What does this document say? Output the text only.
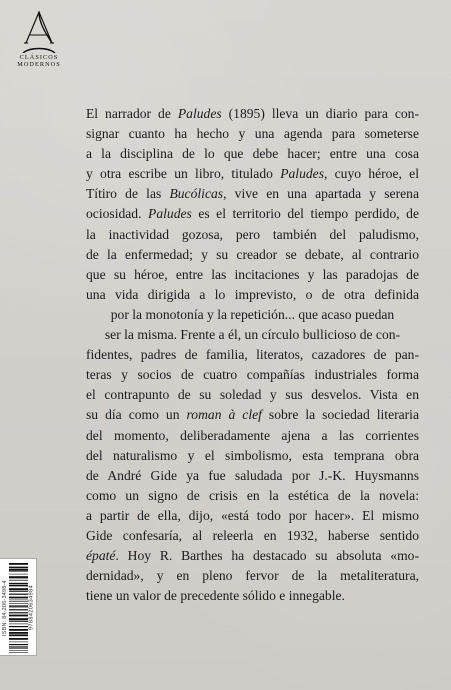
CLÁSICOS
MODERNOS
El narrador de Paludes (1895) lleva un diario para con-
signar cuanto ha hecho y una agenda para someterse
a la disciplina de lo que debe hacer; entre una cosa
y otra escribe un libro, titulado Paludes, cuyo héroe, el
Títiro de las Bucólicas, vive en una apartada y serena
ociosidad. Paludes es el territorio del tiempo perdido, de
la inactividad gozosa, pero también del paludismo,
de la enfermedad; y su creador se debate, al contrario
que su héroe, entre las incitaciones y las paradojas de
una vida dirigida a lo imprevisto, o de otra definida
por la monotonía y la repetición... que acaso puedan
ser la misma. Frente a él, un círculo bullicioso de con-
fidentes, padres de familia, literatos, cazadores de pan-
teras y socios de cuatro compañías industriales forma
el contrapunto de su soledad y sus desvelos. Vista en
su día como un roman à clef sobre la sociedad literaria
del momento, deliberadamente ajena a las corrientes
del naturalismo y el simbolismo, esta temprana obra
de André Gide ya fue saludada por J.-K. Huysmanns
como un signo de crisis en la estética de la novela:
a partir de ella, dijo, «está todo por hacer». El mismo
Gide confesaría, al releerla en 1932, haberse sentido
épaté. Hoy R. Barthes ha destacado su absoluta «mo-
dernidad», y en pleno fervor de la metaliteratura,
tiene un valor de precedente sólido e innegable.
ISBN: 84-206-3498-4	9788420634984
